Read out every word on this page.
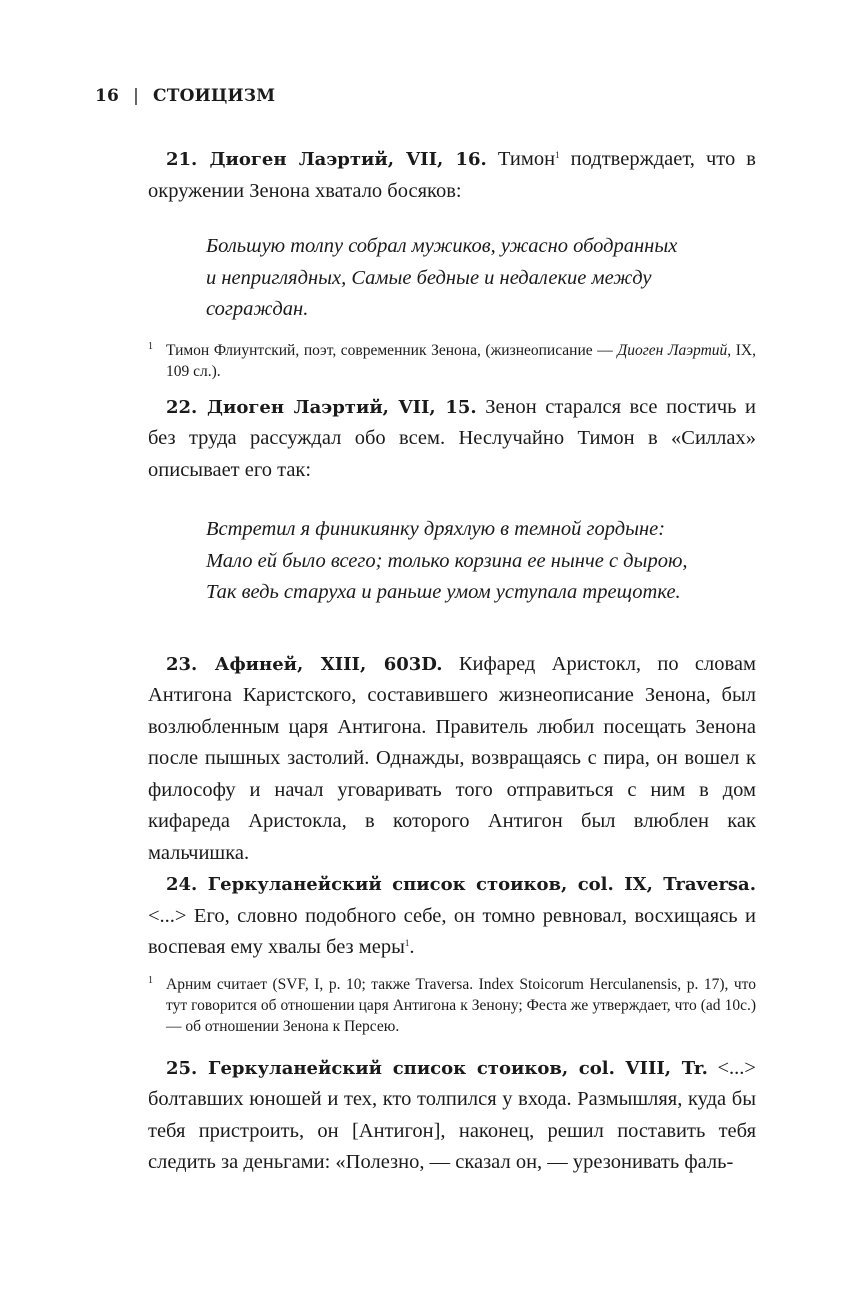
16 | СТОИЦИЗМ

21. Диоген Лаэртий, VII, 16. Тимон$^1$ подтверждает, что в окружении Зенона хватало босяков:

Большую толпу собрал мужиков, ужасно ободранных
и неприглядных, Самые бедные и недалекие между
сограждан.
1 Тимон Флиунтский, поэт, современник Зенона, (жизнеописание — Диоген Лаэртий, IX, 109 сл.).

22. Диоген Лаэртий, VII, 15. Зенон старался все постичь и без труда рассуждал обо всем. Неслучайно Тимон в «Силлах» описывает его так:

Встретил я финикиянку дряхлую в темной гордыне:
Мало ей было всего; только корзина ее нынче с дырою,
Так ведь старуха и раньше умом уступала трещотке.

23. Афиней, XIII, 603D. Кифаред Аристокл, по словам Антигона Каристского, составившего жизнеописание Зенона, был возлюбленным царя Антигона. Правитель любил посещать Зенона после пышных застолий. Однажды, возвращаясь с пира, он вошел к философу и начал уговаривать того отправиться с ним в дом кифареда Аристокла, в которого Антигон был влюблен как мальчишка.

24. Геркуланейский список стоиков, col. IX, Traversa. <...> Его, словно подобного себе, он томно ревновал, восхищаясь и воспевая ему хвалы без меры$^1$.

1 Арним считает (SVF, I, p. 10; также Traversa. Index Stoicorum Herculanensis, p. 17), что тут говорится об отношении царя Антигона к Зенону; Феста же утверждает, что (ad 10c.) — об отношении Зенона к Персею.

25. Геркуланейский список стоиков, col. VIII, Tr. <...> болтавших юношей и тех, кто толпился у входа. Размышляя, куда бы тебя пристроить, он [Антигон], наконец, решил поставить тебя следить за деньгами: «Полезно, — сказал он, — урезонивать фаль-
